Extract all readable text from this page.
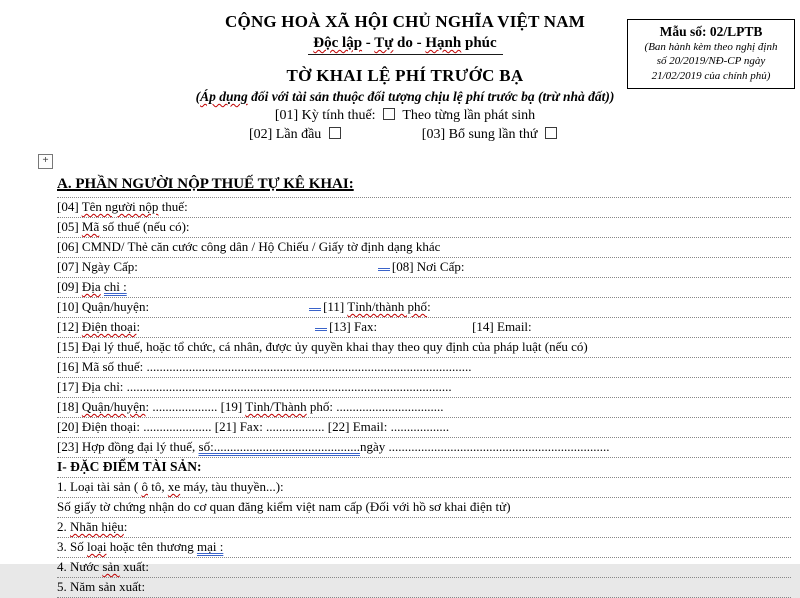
Mẫu số: 02/LPTB
(Ban hành kèm theo nghị định
số 20/2019/NĐ-CP ngày
21/02/2019 của chính phủ)
CỘNG HOÀ XÃ HỘI CHỦ NGHĨA VIỆT NAM
Độc lập - Tự do - Hạnh phúc
TỜ KHAI LỆ PHÍ TRƯỚC BẠ
(Áp dụng đối với tài sản thuộc đối tượng chịu lệ phí trước bạ (trừ nhà đất))
[01] Kỳ tính thuế: Theo từng lần phát sinh
[02] Lần đầu	[03] Bổ sung lần thứ
+
A. PHẦN NGƯỜI NỘP THUẾ TỰ KÊ KHAI:
[04] Tên người nộp thuế:
[05] Mã số thuế (nếu có):
[06] CMND/ Thẻ căn cước công dân / Hộ Chiếu / Giấy tờ định dạng khác
[07] Ngày Cấp:	[08] Nơi Cấp:
[09] Địa chỉ :
[10] Quận/huyện:	[11] Tỉnh/thành phố:
[12] Điện thoại:	[13] Fax:	[14] Email:
[15] Đại lý thuế, hoặc tổ chức, cá nhân, được ủy quyền khai thay theo quy định của pháp luật (nếu có)
[16] Mã số thuế: ....................................................................................................
[17] Địa chỉ: ....................................................................................................
[18] Quận/huyện: .................... [19] Tỉnh/Thành phố: .................................
[20] Điện thoại: ..................... [21] Fax: .................. [22] Email: ..................
[23] Hợp đồng đại lý thuế, số:.............................................ngày ....................................................................
I- ĐẶC ĐIỂM TÀI SẢN:
1. Loại tài sản ( ô tô, xe máy, tàu thuyền...):
Số giấy tờ chứng nhận do cơ quan đăng kiểm việt nam cấp (Đối với hồ sơ khai điện tử)
2. Nhãn hiệu:
3. Số loại hoặc tên thương mại :
4. Nước sản xuất:
5. Năm sản xuất:
